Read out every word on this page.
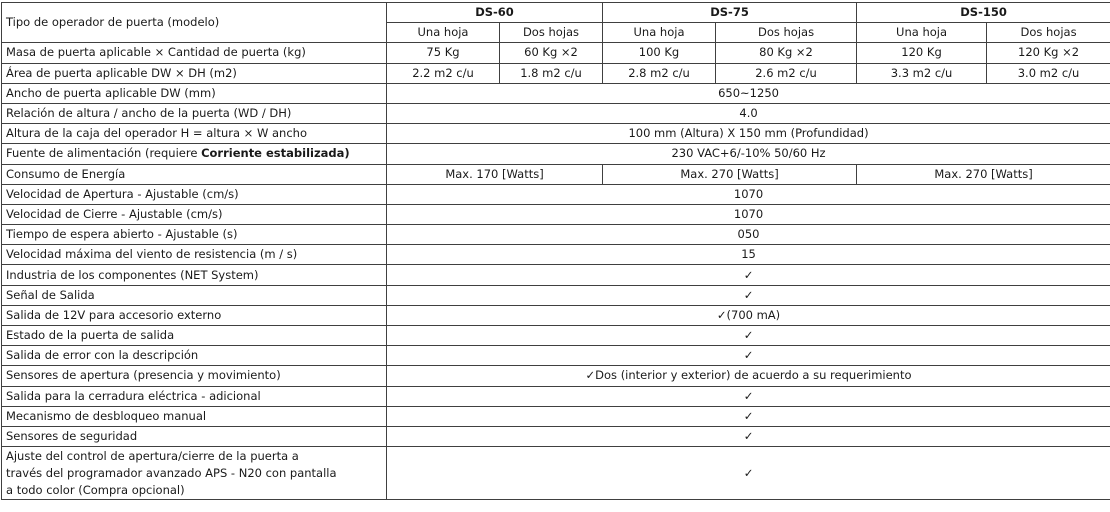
Tipo de operador de puerta (modelo)	DS-60		DS-75		DS-150	
	Una hoja	Dos hojas	Una hoja	Dos hojas	Una hoja	Dos hojas
Masa de puerta aplicable × Cantidad de puerta (kg)	75 Kg	60 Kg ×2	100 Kg	80 Kg ×2	120 Kg	120 Kg ×2
Área de puerta aplicable DW × DH (m2)	2.2 m2 c/u	1.8 m2 c/u	2.8 m2 c/u	2.6 m2 c/u	3.3 m2 c/u	3.0 m2 c/u
Ancho de puerta aplicable DW (mm)	650~1250					
Relación de altura / ancho de la puerta (WD / DH)	4.0					
Altura de la caja del operador H = altura × W ancho	100 mm (Altura) X 150 mm (Profundidad)					
Fuente de alimentación (requiere Corriente estabilizada)	230 VAC+6/-10% 50/60 Hz					
Consumo de Energía	Max. 170 [Watts]		Max. 270 [Watts]		Max. 270 [Watts]	
Velocidad de Apertura - Ajustable (cm/s)	1070					
Velocidad de Cierre - Ajustable (cm/s)	1070					
Tiempo de espera abierto - Ajustable (s)	050					
Velocidad máxima del viento de resistencia (m / s)	15					
Industria de los componentes (NET System)	✓					
Señal de Salida	✓					
Salida de 12V para accesorio externo	✓(700 mA)					
Estado de la puerta de salida	✓					
Salida de error con la descripción	✓					
Sensores de apertura (presencia y movimiento)	✓Dos (interior y exterior) de acuerdo a su requerimiento					
Salida para la cerradura eléctrica - adicional	✓					
Mecanismo de desbloqueo manual	✓					
Sensores de seguridad	✓					
Ajuste del control de apertura/cierre de la puerta a
través del programador avanzado APS - N20 con pantalla
a todo color (Compra opcional)	✓					
